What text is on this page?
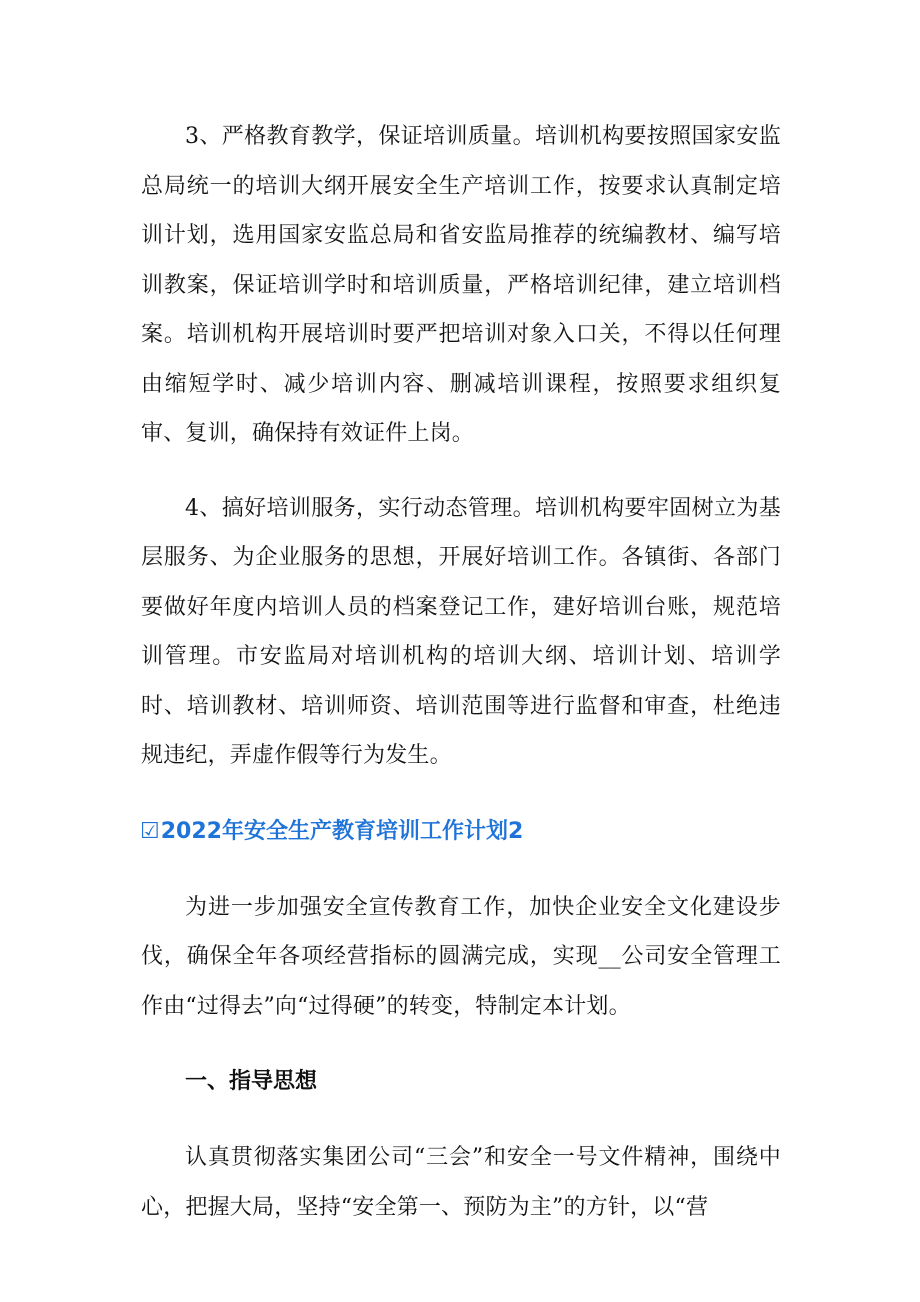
3、严格教育教学，保证培训质量。培训机构要按照国家安监总局统一的培训大纲开展安全生产培训工作，按要求认真制定培训计划，选用国家安监总局和省安监局推荐的统编教材、编写培训教案，保证培训学时和培训质量，严格培训纪律，建立培训档案。培训机构开展培训时要严把培训对象入口关，不得以任何理由缩短学时、减少培训内容、删减培训课程，按照要求组织复审、复训，确保持有效证件上岗。

4、搞好培训服务，实行动态管理。培训机构要牢固树立为基层服务、为企业服务的思想，开展好培训工作。各镇街、各部门要做好年度内培训人员的档案登记工作，建好培训台账，规范培训管理。市安监局对培训机构的培训大纲、培训计划、培训学时、培训教材、培训师资、培训范围等进行监督和审查，杜绝违规违纪，弄虚作假等行为发生。

☑2022年安全生产教育培训工作计划2

为进一步加强安全宣传教育工作，加快企业安全文化建设步伐，确保全年各项经营指标的圆满完成，实现__公司安全管理工作由“过得去”向“过得硬”的转变，特制定本计划。

一、指导思想

认真贯彻落实集团公司“三会”和安全一号文件精神，围绕中心，把握大局，坚持“安全第一、预防为主”的方针，以“营
